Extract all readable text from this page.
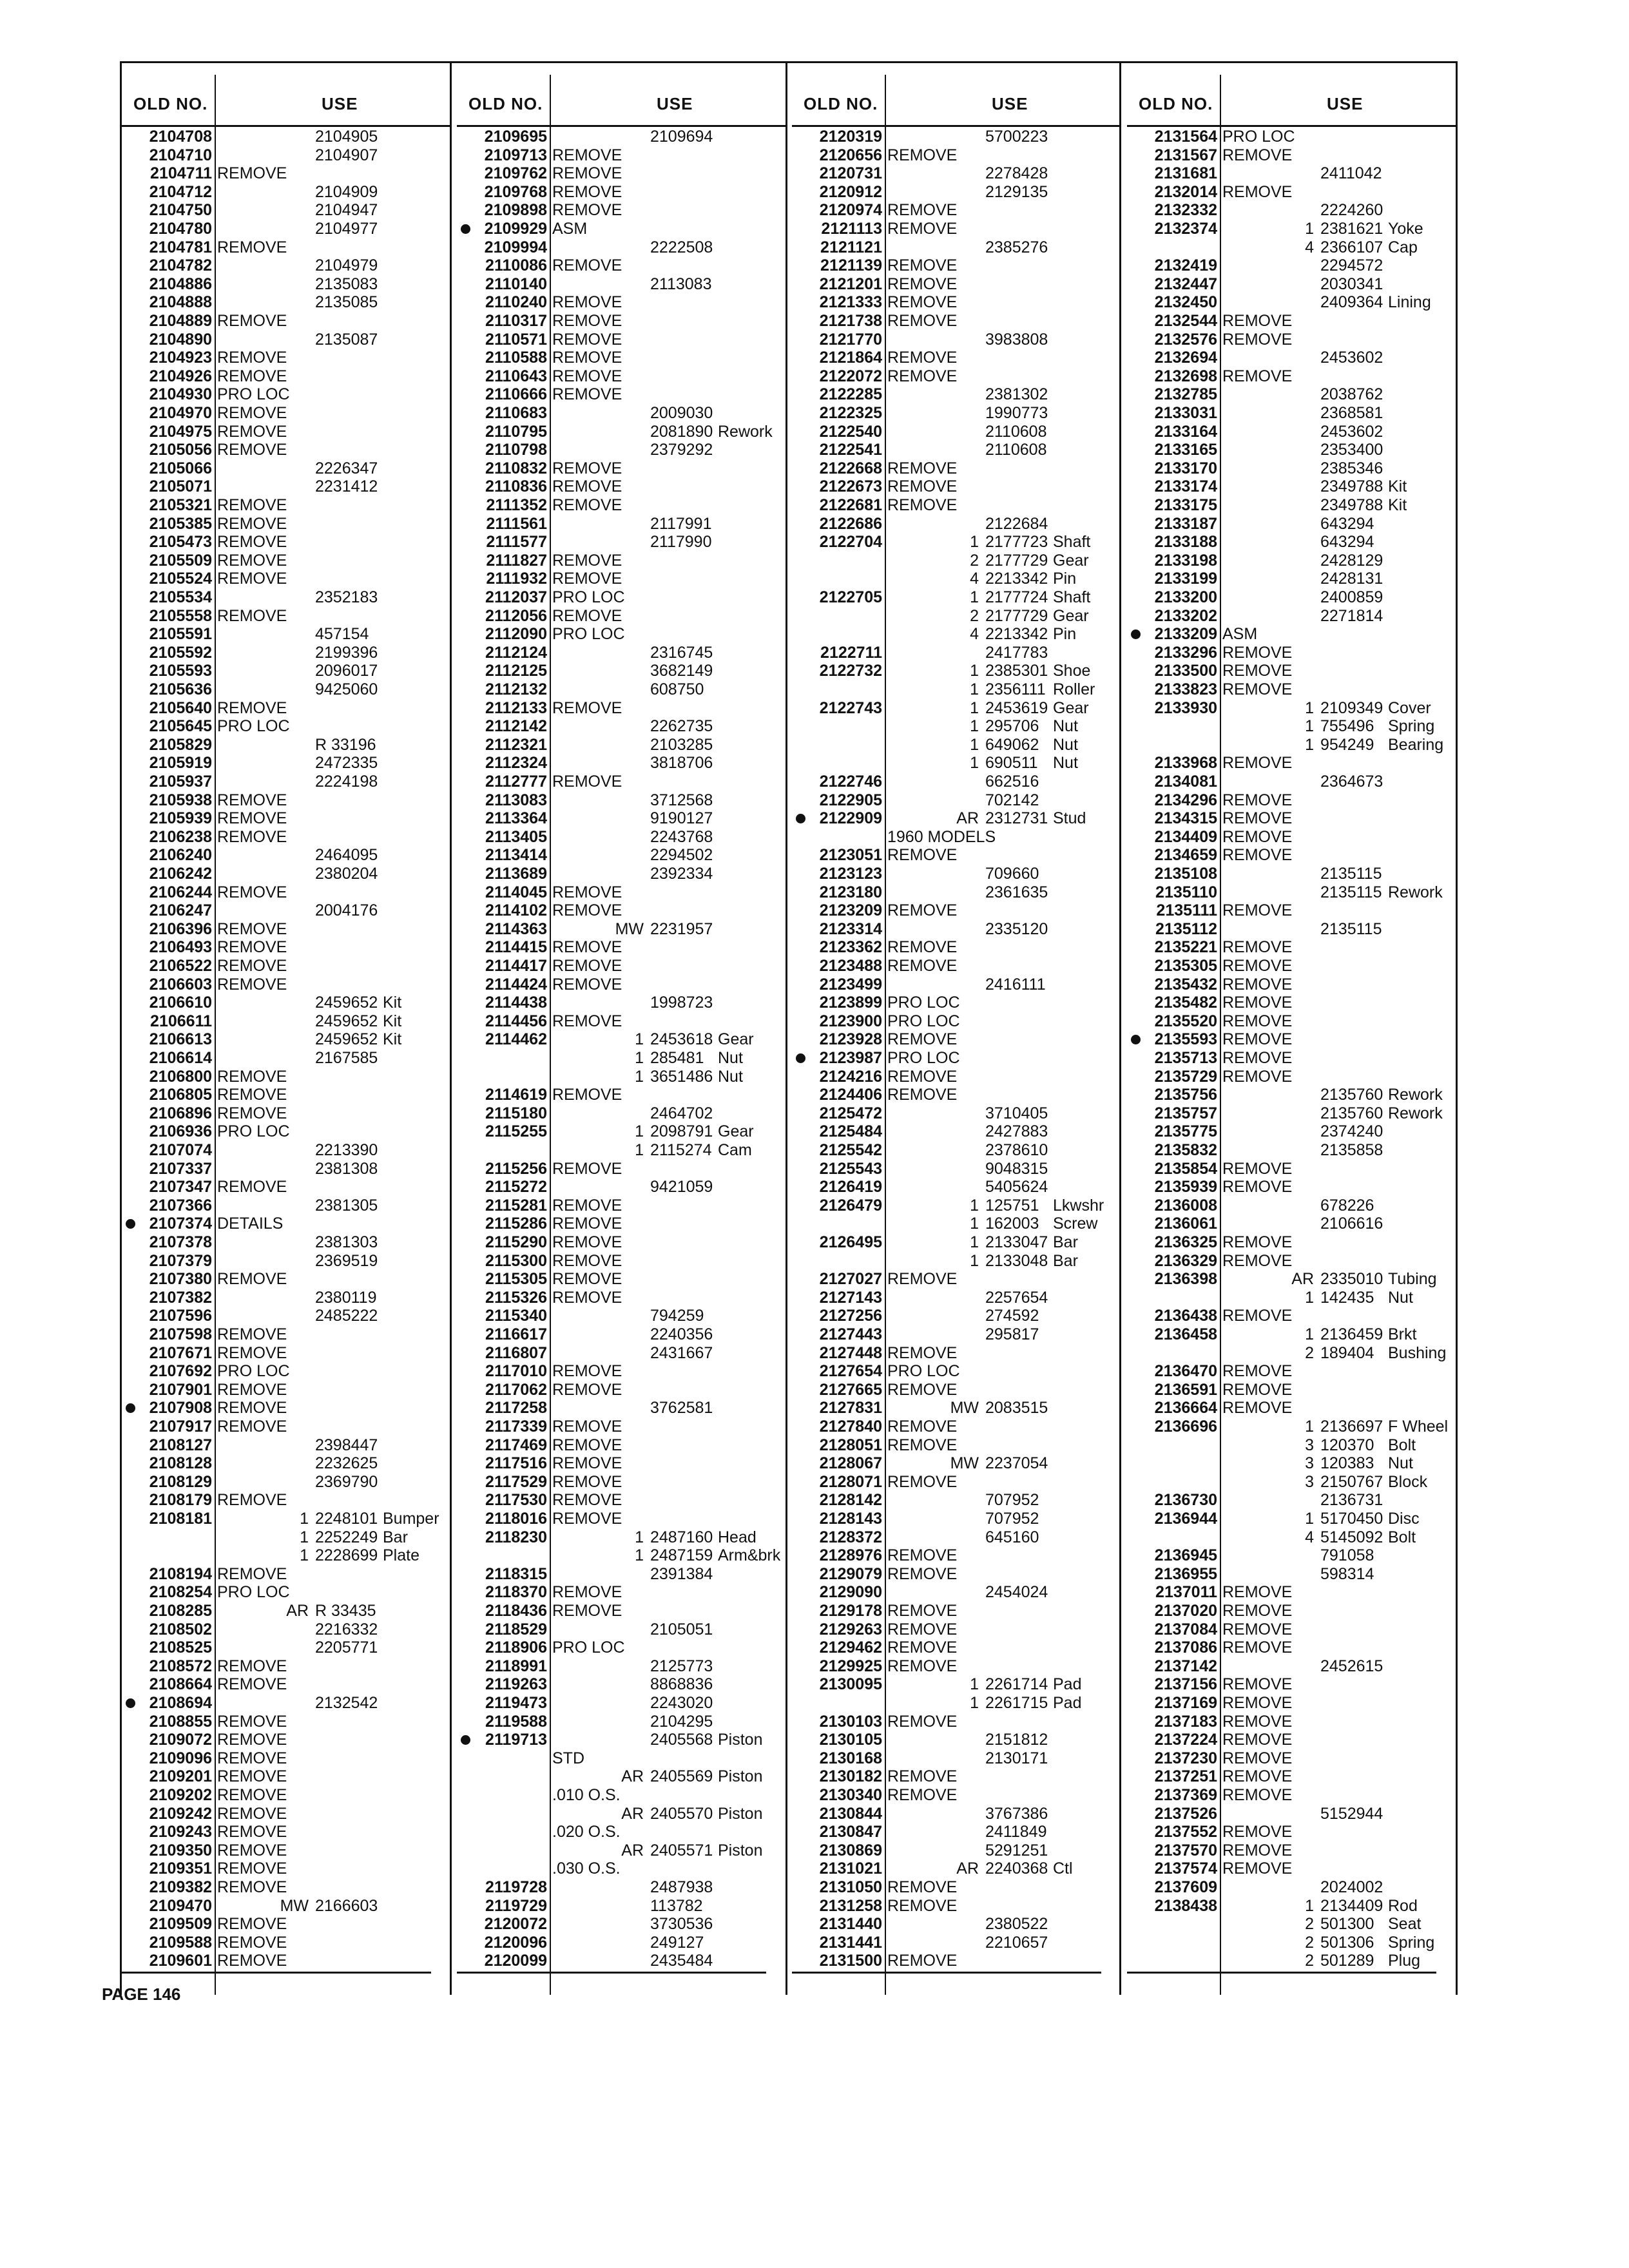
OLD NO.	USE
2104708	2104905
2104710	2104907
2104711 REMOVE
2104712	2104909
2104750	2104947
2104780	2104977
2104781 REMOVE
2104782	2104979
2104886	2135083
2104888	2135085
2104889 REMOVE
2104890	2135087
2104923 REMOVE
2104926 REMOVE
2104930 PRO LOC
2104970 REMOVE
2104975 REMOVE
2105056 REMOVE
2105066	2226347
2105071	2231412
2105321 REMOVE
2105385 REMOVE
2105473 REMOVE
2105509 REMOVE
2105524 REMOVE
2105534	2352183
2105558 REMOVE
2105591	457154
2105592	2199396
2105593	2096017
2105636	9425060
2105640 REMOVE
2105645 PRO LOC
2105829	R 33196
2105919	2472335
2105937	2224198
2105938 REMOVE
2105939 REMOVE
2106238 REMOVE
2106240	2464095
2106242	2380204
2106244 REMOVE
2106247	2004176
2106396 REMOVE
2106493 REMOVE
2106522 REMOVE
2106603 REMOVE
2106610	2459652 Kit
2106611	2459652 Kit
2106613	2459652 Kit
2106614	2167585
2106800 REMOVE
2106805 REMOVE
2106896 REMOVE
2106936 PRO LOC
2107074	2213390
2107337	2381308
2107347 REMOVE
2107366	2381305
2107374 DETAILS
2107378	2381303
2107379	2369519
2107380 REMOVE
2107382	2380119
2107596	2485222
2107598 REMOVE
2107671 REMOVE
2107692 PRO LOC
2107901 REMOVE
2107908 REMOVE
2107917 REMOVE
2108127	2398447
2108128	2232625
2108129	2369790
2108179 REMOVE
2108181	1 2248101 Bumper
1 2252249 Bar
1 2228699 Plate
2108194 REMOVE
2108254 PRO LOC
2108285	AR R 33435
2108502	2216332
2108525	2205771
2108572 REMOVE
2108664 REMOVE
2108694	2132542
2108855 REMOVE
2109072 REMOVE
2109096 REMOVE
2109201 REMOVE
2109202 REMOVE
2109242 REMOVE
2109243 REMOVE
2109350 REMOVE
2109351 REMOVE
2109382 REMOVE
2109470	MW 2166603
2109509 REMOVE
2109588 REMOVE
2109601 REMOVE
OLD NO.	USE
2109695	2109694
2109713 REMOVE
2109762 REMOVE
2109768 REMOVE
2109898 REMOVE
2109929 ASM
2109994	2222508
2110086 REMOVE
2110140	2113083
2110240 REMOVE
2110317 REMOVE
2110571 REMOVE
2110588 REMOVE
2110643 REMOVE
2110666 REMOVE
2110683	2009030
2110795	2081890 Rework
2110798	2379292
2110832 REMOVE
2110836 REMOVE
2111352 REMOVE
2111561	2117991
2111577	2117990
2111827 REMOVE
2111932 REMOVE
2112037 PRO LOC
2112056 REMOVE
2112090 PRO LOC
2112124	2316745
2112125	3682149
2112132	608750
2112133 REMOVE
2112142	2262735
2112321	2103285
2112324	3818706
2112777 REMOVE
2113083	3712568
2113364	9190127
2113405	2243768
2113414	2294502
2113689	2392334
2114045 REMOVE
2114102 REMOVE
2114363	MW 2231957
2114415 REMOVE
2114417 REMOVE
2114424 REMOVE
2114438	1998723
2114456 REMOVE
2114462	1 2453618 Gear
1 285481 Nut
1 3651486 Nut
2114619 REMOVE
2115180	2464702
2115255	1 2098791 Gear
1 2115274 Cam
2115256 REMOVE
2115272	9421059
2115281 REMOVE
2115286 REMOVE
2115290 REMOVE
2115300 REMOVE
2115305 REMOVE
2115326 REMOVE
2115340	794259
2116617	2240356
2116807	2431667
2117010 REMOVE
2117062 REMOVE
2117258	3762581
2117339 REMOVE
2117469 REMOVE
2117516 REMOVE
2117529 REMOVE
2117530 REMOVE
2118016 REMOVE
2118230	1 2487160 Head
1 2487159 Arm&brk
2118315	2391384
2118370 REMOVE
2118436 REMOVE
2118529	2105051
2118906 PRO LOC
2118991	2125773
2119263	8868836
2119473	2243020
2119588	2104295
2119713	2405568 Piston
STD
AR 2405569 Piston
.010 O.S.
AR 2405570 Piston
.020 O.S.
AR 2405571 Piston
.030 O.S.
2119728	2487938
2119729	113782
2120072	3730536
2120096	249127
2120099	2435484
OLD NO.	USE
2120319	5700223
2120656 REMOVE
2120731	2278428
2120912	2129135
2120974 REMOVE
2121113 REMOVE
2121121	2385276
2121139 REMOVE
2121201 REMOVE
2121333 REMOVE
2121738 REMOVE
2121770	3983808
2121864 REMOVE
2122072 REMOVE
2122285	2381302
2122325	1990773
2122540	2110608
2122541	2110608
2122668 REMOVE
2122673 REMOVE
2122681 REMOVE
2122686	2122684
2122704	1 2177723 Shaft
2 2177729 Gear
4 2213342 Pin
2122705	1 2177724 Shaft
2 2177729 Gear
4 2213342 Pin
2122711	2417783
2122732	1 2385301 Shoe
1 2356111 Roller
2122743	1 2453619 Gear
1 295706 Nut
1 649062 Nut
1 690511 Nut
2122746	662516
2122905	702142
2122909	AR 2312731 Stud
1960 MODELS
2123051 REMOVE
2123123	709660
2123180	2361635
2123209 REMOVE
2123314	2335120
2123362 REMOVE
2123488 REMOVE
2123499	2416111
2123899 PRO LOC
2123900 PRO LOC
2123928 REMOVE
2123987 PRO LOC
2124216 REMOVE
2124406 REMOVE
2125472	3710405
2125484	2427883
2125542	2378610
2125543	9048315
2126419	5405624
2126479	1 125751 Lkwshr
1 162003 Screw
2126495	1 2133047 Bar
1 2133048 Bar
2127027 REMOVE
2127143	2257654
2127256	274592
2127443	295817
2127448 REMOVE
2127654 PRO LOC
2127665 REMOVE
2127831	MW 2083515
2127840 REMOVE
2128051 REMOVE
2128067	MW 2237054
2128071 REMOVE
2128142	707952
2128143	707952
2128372	645160
2128976 REMOVE
2129079 REMOVE
2129090	2454024
2129178 REMOVE
2129263 REMOVE
2129462 REMOVE
2129925 REMOVE
2130095	1 2261714 Pad
1 2261715 Pad
2130103 REMOVE
2130105	2151812
2130168	2130171
2130182 REMOVE
2130340 REMOVE
2130844	3767386
2130847	2411849
2130869	5291251
2131021	AR 2240368 Ctl
2131050 REMOVE
2131258 REMOVE
2131440	2380522
2131441	2210657
2131500 REMOVE
OLD NO.	USE
2131564 PRO LOC
2131567 REMOVE
2131681	2411042
2132014 REMOVE
2132332	2224260
2132374	1 2381621 Yoke
4 2366107 Cap
2132419	2294572
2132447	2030341
2132450	2409364 Lining
2132544 REMOVE
2132576 REMOVE
2132694	2453602
2132698 REMOVE
2132785	2038762
2133031	2368581
2133164	2453602
2133165	2353400
2133170	2385346
2133174	2349788 Kit
2133175	2349788 Kit
2133187	643294
2133188	643294
2133198	2428129
2133199	2428131
2133200	2400859
2133202	2271814
2133209 ASM
2133296 REMOVE
2133500 REMOVE
2133823 REMOVE
2133930	1 2109349 Cover
1 755496 Spring
1 954249 Bearing
2133968 REMOVE
2134081	2364673
2134296 REMOVE
2134315 REMOVE
2134409 REMOVE
2134659 REMOVE
2135108	2135115
2135110	2135115 Rework
2135111 REMOVE
2135112	2135115
2135221 REMOVE
2135305 REMOVE
2135432 REMOVE
2135482 REMOVE
2135520 REMOVE
2135593 REMOVE
2135713 REMOVE
2135729 REMOVE
2135756	2135760 Rework
2135757	2135760 Rework
2135775	2374240
2135832	2135858
2135854 REMOVE
2135939 REMOVE
2136008	678226
2136061	2106616
2136325 REMOVE
2136329 REMOVE
2136398	AR 2335010 Tubing
1 142435 Nut
2136438 REMOVE
2136458	1 2136459 Brkt
2 189404 Bushing
2136470 REMOVE
2136591 REMOVE
2136664 REMOVE
2136696	1 2136697 F Wheel
3 120370 Bolt
3 120383 Nut
3 2150767 Block
2136730	2136731
2136944	1 5170450 Disc
4 5145092 Bolt
2136945	791058
2136955	598314
2137011 REMOVE
2137020 REMOVE
2137084 REMOVE
2137086 REMOVE
2137142	2452615
2137156 REMOVE
2137169 REMOVE
2137183 REMOVE
2137224 REMOVE
2137230 REMOVE
2137251 REMOVE
2137369 REMOVE
2137526	5152944
2137552 REMOVE
2137570 REMOVE
2137574 REMOVE
2137609	2024002
2138438	1 2134409 Rod
2 501300 Seat
2 501306 Spring
2 501289 Plug
PAGE 146
